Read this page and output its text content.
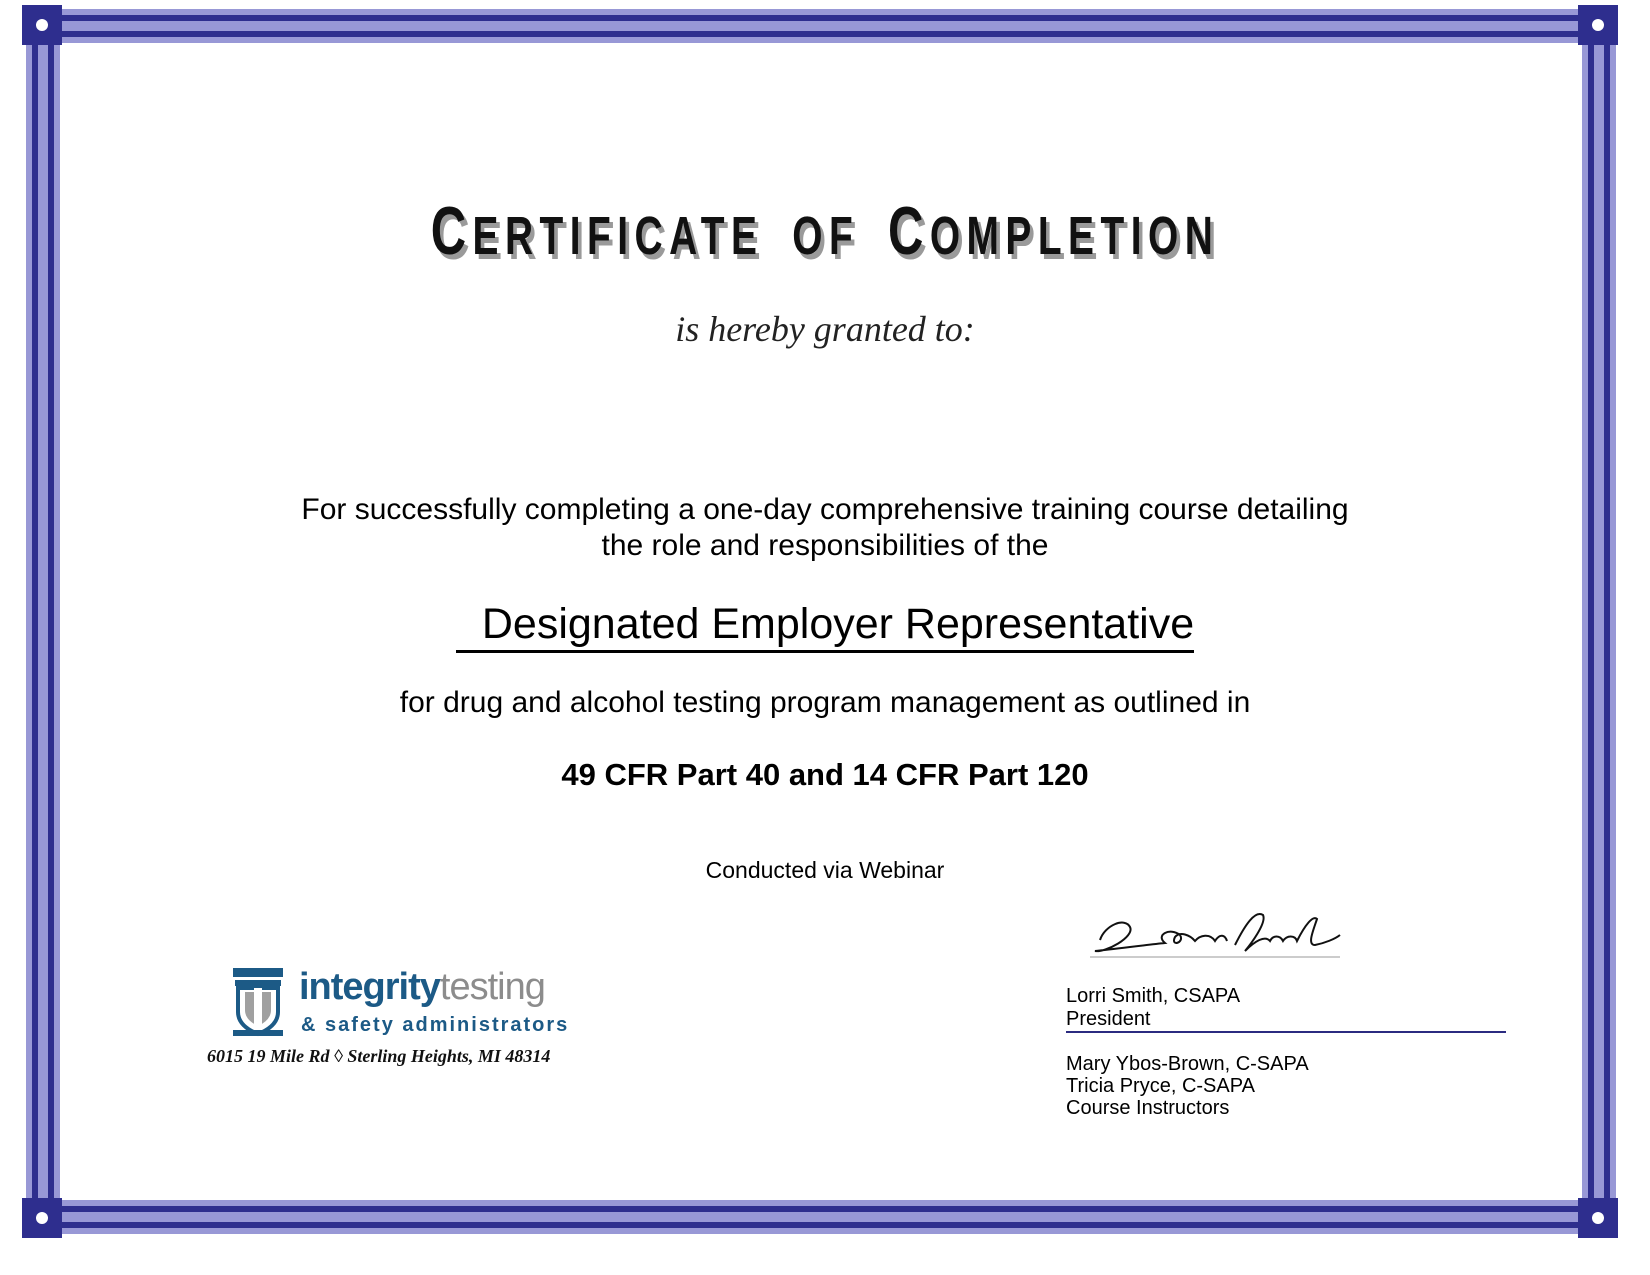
CERTIFICATE OF COMPLETION
is hereby granted to:
For successfully completing a one-day comprehensive training course detailing
the role and responsibilities of the
Designated Employer Representative
for drug and alcohol testing program management as outlined in
49 CFR Part 40 and 14 CFR Part 120
Conducted via Webinar
integritytesting
& safety administrators
6015 19 Mile Rd ◊ Sterling Heights, MI 48314
Lorri Smith, CSAPA
President
Mary Ybos-Brown, C-SAPA
Tricia Pryce, C-SAPA
Course Instructors
